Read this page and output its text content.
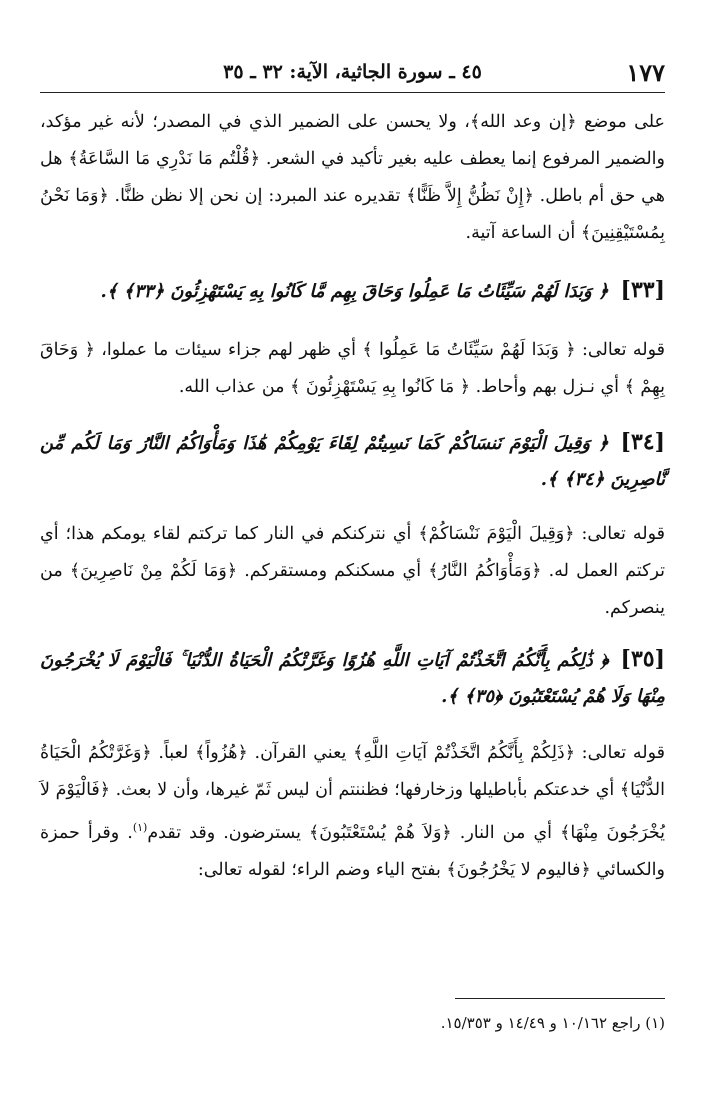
١٧٧
٤٥ ـ سورة الجاثية، الآية: ٣٢ ـ ٣٥

على موضع ﴿إن وعد الله﴾، ولا يحسن على الضمير الذي في المصدر؛ لأنه غير مؤكد، والضمير المرفوع إنما يعطف عليه بغير تأكيد في الشعر. ﴿قُلْتُم مَا نَدْرِي مَا السَّاعَةُ﴾ هل هي حق أم باطل. ﴿إِنْ نَظُنُّ إِلاَّ ظَنًّا﴾ تقديره عند المبرد: إن نحن إلا نظن ظنًّا. ﴿وَمَا نَحْنُ بِمُسْتَيْقِنِينَ﴾ أن الساعة آتية.

[٣٣]﴿ وَبَدَا لَهُمْ سَيِّئَاتُ مَا عَمِلُوا وَحَاقَ بِهِم مَّا كَانُوا بِهِ يَسْتَهْزِئُونَ ﴿٣٣﴾ ﴾.

قوله تعالى: ﴿ وَبَدَا لَهُمْ سَيِّئَاتُ مَا عَمِلُوا ﴾ أي ظهر لهم جزاء سيئات ما عملوا، ﴿ وَحَاقَ بِهِمْ ﴾ أي نـزل بهم وأحاط. ﴿ مَا كَانُوا بِهِ يَسْتَهْزِئُونَ ﴾ من عذاب الله.

[٣٤]﴿ وَقِيلَ الْيَوْمَ نَنسَاكُمْ كَمَا نَسِيتُمْ لِقَاءَ يَوْمِكُمْ هَٰذَا وَمَأْوَاكُمُ النَّارُ وَمَا لَكُم مِّن نَّاصِرِينَ ﴿٣٤﴾ ﴾.

قوله تعالى: ﴿وَقِيلَ الْيَوْمَ نَنْسَاكُمْ﴾ أي نتركنكم في النار كما تركتم لقاء يومكم هذا؛ أي تركتم العمل له. ﴿وَمَأْوَاكُمُ النَّارُ﴾ أي مسكنكم ومستقركم. ﴿وَمَا لَكُمْ مِنْ نَاصِرِينَ﴾ من ينصركم.

[٣٥]﴿ ذَٰلِكُم بِأَنَّكُمُ اتَّخَذْتُمْ آيَاتِ اللَّهِ هُزُوًا وَغَرَّتْكُمُ الْحَيَاةُ الدُّنْيَا ۚ فَالْيَوْمَ لَا يُخْرَجُونَ مِنْهَا وَلَا هُمْ يُسْتَعْتَبُونَ ﴿٣٥﴾ ﴾.

قوله تعالى: ﴿ذَلِكُمْ بِأَنَّكُمُ اتَّخَذْتُمْ آيَاتِ اللَّهِ﴾ يعني القرآن. ﴿هُزُواً﴾ لعباً. ﴿وَغَرَّتْكُمُ الْحَيَاةُ الدُّنْيَا﴾ أي خدعتكم بأباطيلها وزخارفها؛ فظننتم أن ليس ثَمّ غيرها، وأن لا بعث. ﴿فَالْيَوْمَ لاَ يُخْرَجُونَ مِنْهَا﴾ أي من النار. ﴿وَلاَ هُمْ يُسْتَعْتَبُونَ﴾ يسترضون. وقد تقدم$^{(١)}$. وقرأ حمزة والكسائي ﴿فاليوم لا يَخْرُجُونَ﴾ بفتح الياء وضم الراء؛ لقوله تعالى:

(١) راجع ١٠/١٦٢ و ١٤/٤٩ و ١٥/٣٥٣.
